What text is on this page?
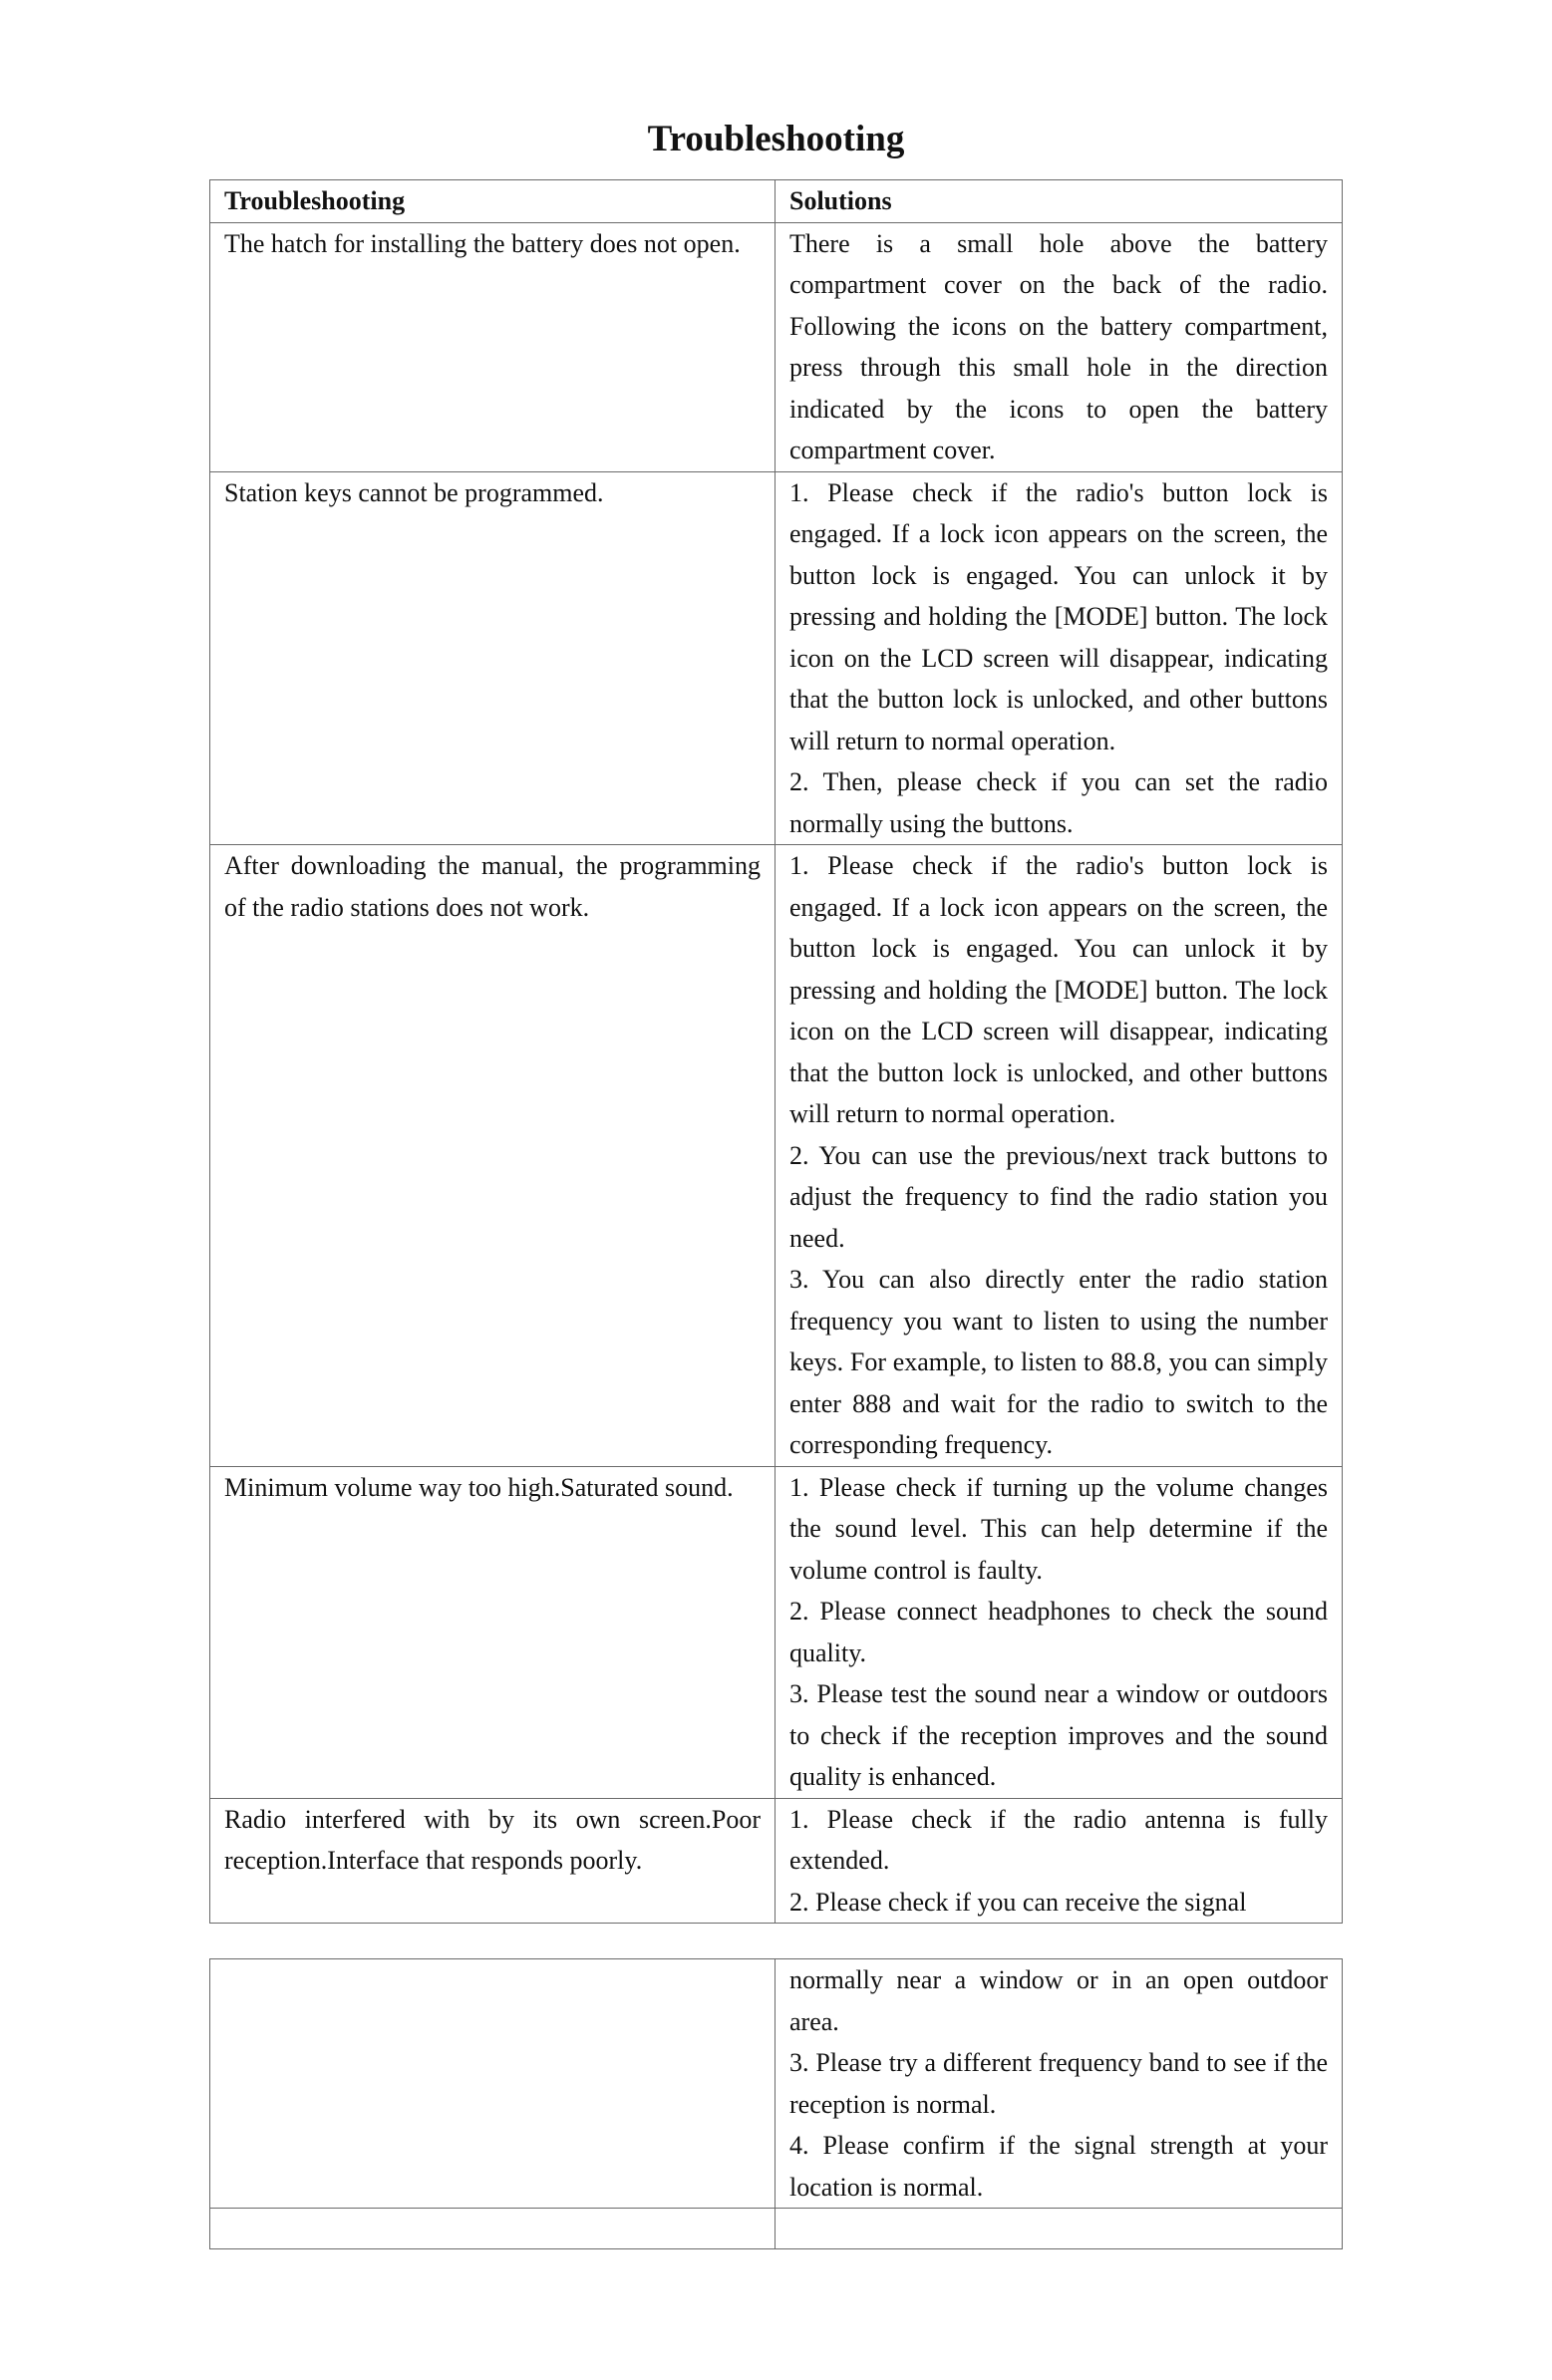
Troubleshooting
Troubleshooting	Solutions

The hatch for installing the battery does not open.	There is a small hole above the battery compartment cover on the back of the radio. Following the icons on the battery compartment, press through this small hole in the direction indicated by the icons to open the battery compartment cover.

Station keys cannot be programmed.	1. Please check if the radio's button lock is engaged. If a lock icon appears on the screen, the button lock is engaged. You can unlock it by pressing and holding the [MODE] button. The lock icon on the LCD screen will disappear, indicating that the button lock is unlocked, and other buttons will return to normal operation.

2. Then, please check if you can set the radio normally using the buttons.

After downloading the manual, the programming of the radio stations does not work.	1. Please check if the radio's button lock is engaged. If a lock icon appears on the screen, the button lock is engaged. You can unlock it by pressing and holding the [MODE] button. The lock icon on the LCD screen will disappear, indicating that the button lock is unlocked, and other buttons will return to normal operation.

2. You can use the previous/next track buttons to adjust the frequency to find the radio station you need.

3. You can also directly enter the radio station frequency you want to listen to using the number keys. For example, to listen to 88.8, you can simply enter 888 and wait for the radio to switch to the corresponding frequency.

Minimum volume way too high.Saturated sound.	1. Please check if turning up the volume changes the sound level. This can help determine if the volume control is faulty.

2. Please connect headphones to check the sound quality.

3. Please test the sound near a window or outdoors to check if the reception improves and the sound quality is enhanced.

Radio interfered with by its own screen.Poor reception.Interface that responds poorly.	1. Please check if the radio antenna is fully extended.

2. Please check if you can receive the signal

	normally near a window or in an open outdoor area.

3. Please try a different frequency band to see if the reception is normal.

4. Please confirm if the signal strength at your location is normal.
